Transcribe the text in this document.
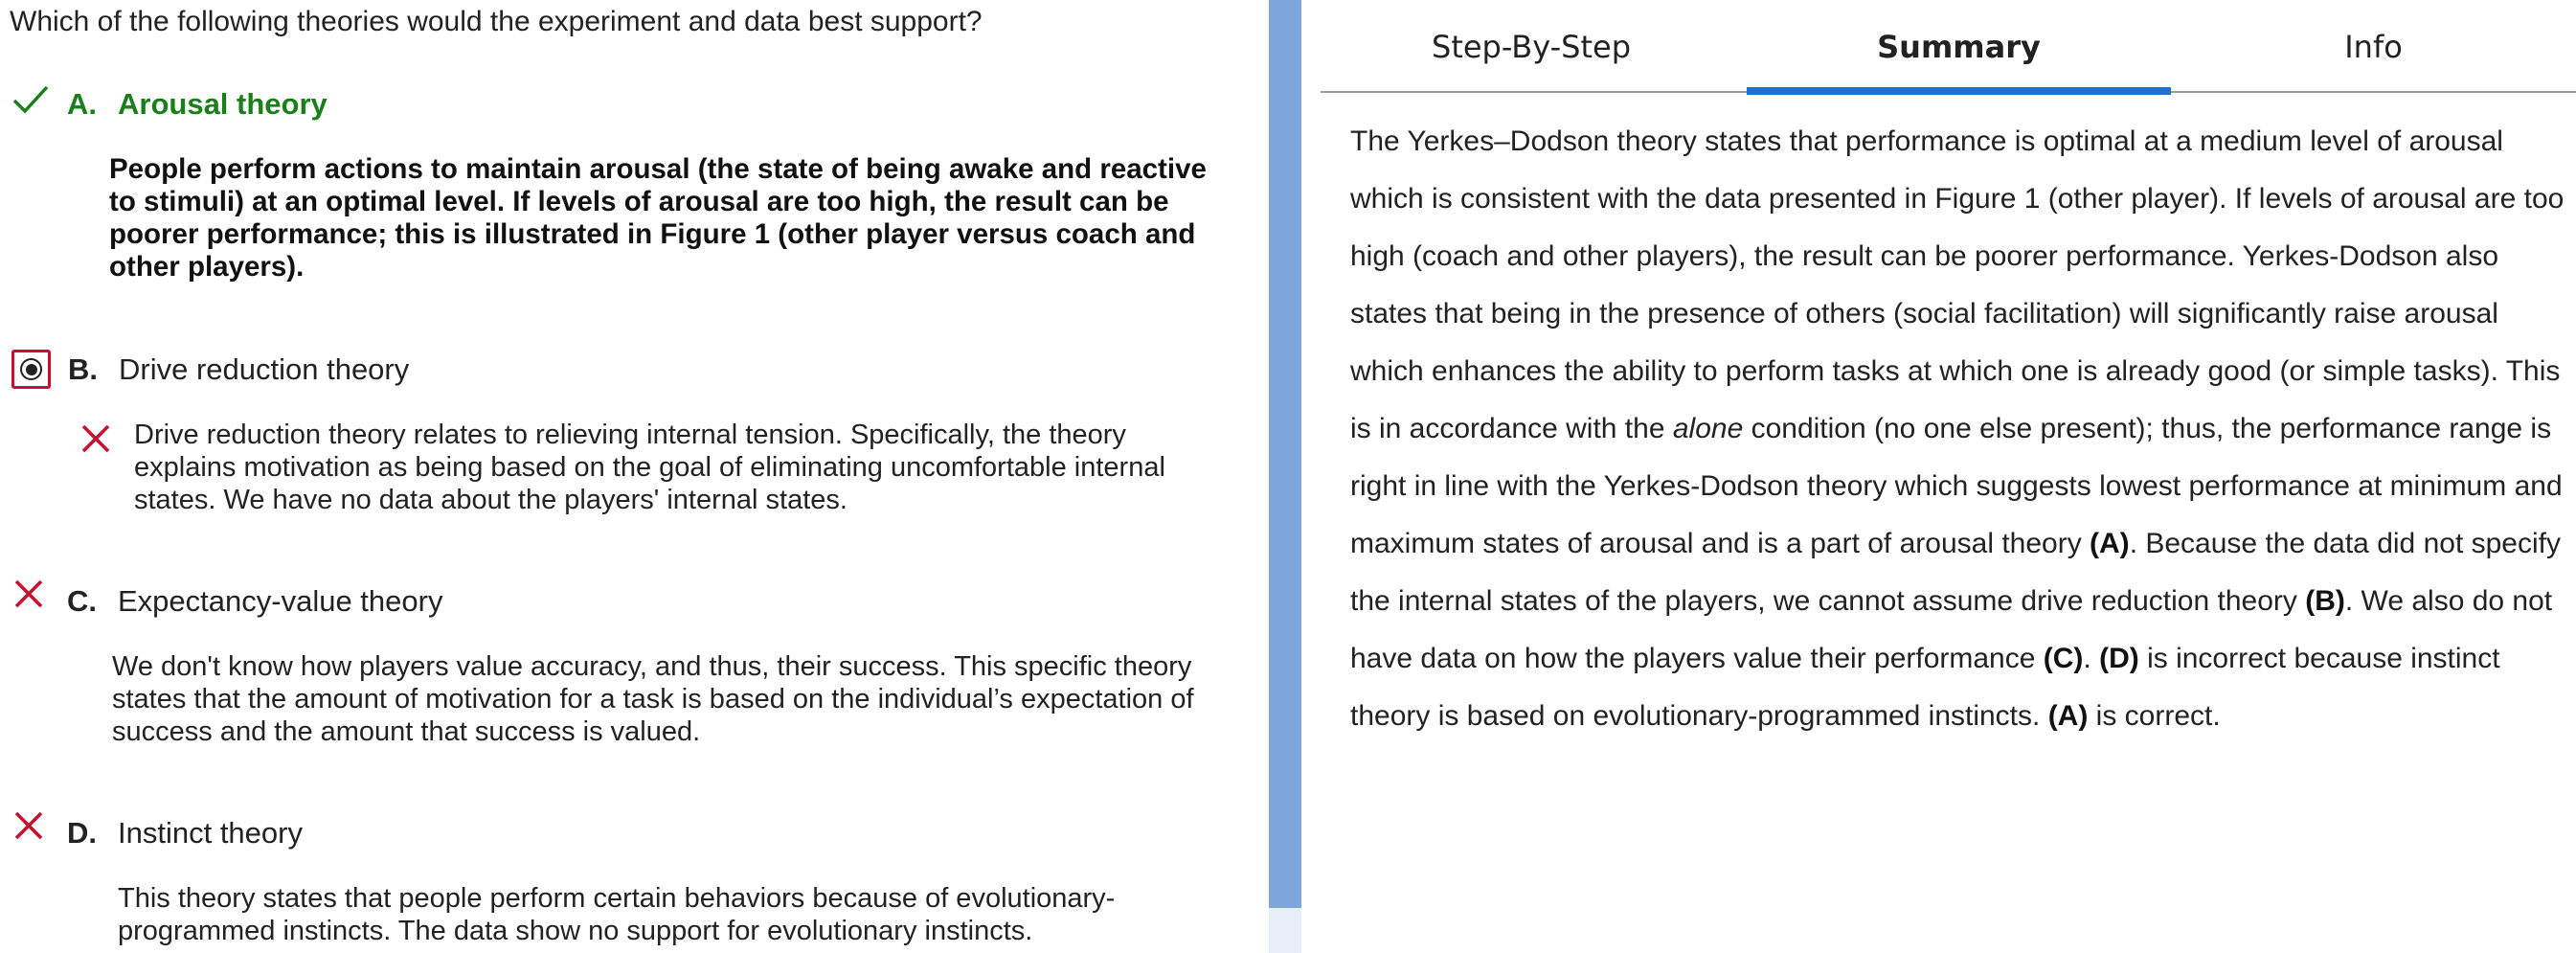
Which of the following theories would the experiment and data best support?
A. Arousal theory
People perform actions to maintain arousal (the state of being awake and reactive
to stimuli) at an optimal level. If levels of arousal are too high, the result can be
poorer performance; this is illustrated in Figure 1 (other player versus coach and
other players).
B. Drive reduction theory
Drive reduction theory relates to relieving internal tension. Specifically, the theory
explains motivation as being based on the goal of eliminating uncomfortable internal
states. We have no data about the players' internal states.
C. Expectancy-value theory
We don't know how players value accuracy, and thus, their success. This specific theory
states that the amount of motivation for a task is based on the individual’s expectation of
success and the amount that success is valued.
D. Instinct theory
This theory states that people perform certain behaviors because of evolutionary-
programmed instincts. The data show no support for evolutionary instincts.
Step-By-Step	Summary	Info
The Yerkes–Dodson theory states that performance is optimal at a medium level of arousal which is consistent with the data presented in Figure 1 (other player). If levels of arousal are too high (coach and other players), the result can be poorer performance. Yerkes-Dodson also states that being in the presence of others (social facilitation) will significantly raise arousal which enhances the ability to perform tasks at which one is already good (or simple tasks). This is in accordance with the alone condition (no one else present); thus, the performance range is right in line with the Yerkes-Dodson theory which suggests lowest performance at minimum and maximum states of arousal and is a part of arousal theory (A). Because the data did not specify the internal states of the players, we cannot assume drive reduction theory (B). We also do not have data on how the players value their performance (C). (D) is incorrect because instinct theory is based on evolutionary-programmed instincts. (A) is correct.
